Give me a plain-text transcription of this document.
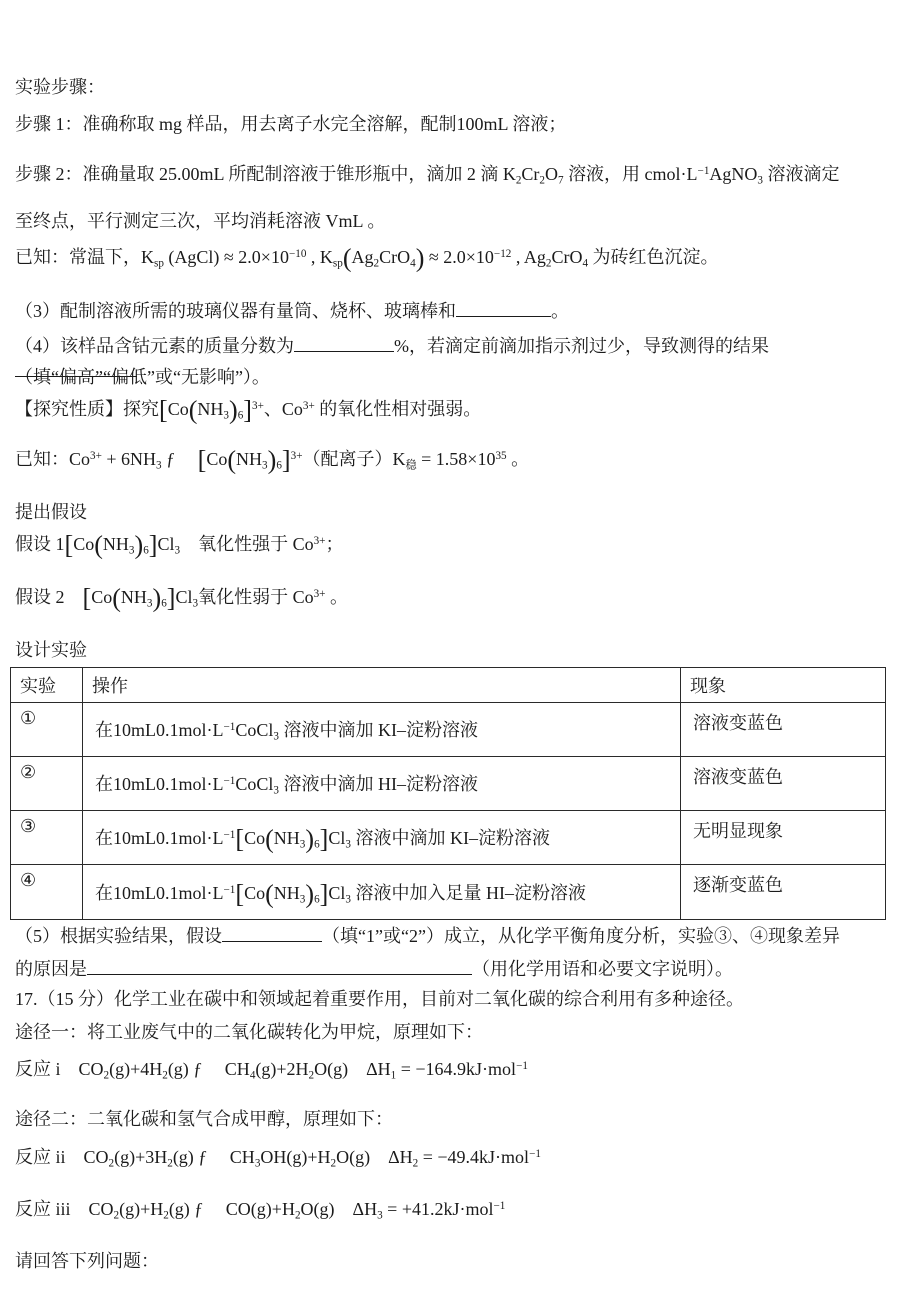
实验步骤：

步骤 1：准确称取 mg 样品，用去离子水完全溶解，配制100mL 溶液；

步骤 2：准确量取 25.00mL 所配制溶液于锥形瓶中，滴加 2 滴 K2Cr2O7 溶液，用 $cmol\cdot L^{-1}AgNO3$ 溶液滴定

至终点，平行测定三次，平均消耗溶液 VmL 。

已知：常温下，Ksp (AgCl) ≈ $2.0\times 10^{-10}$ , $Ksp(Ag2CrO4) \approx 2.0\times 10^{-12}$ , Ag2CrO4 为砖红色沉淀。

（3）配制溶液所需的玻璃仪器有量筒、烧杯、玻璃棒和	。

（4）该样品含钴元素的质量分数为	%，若滴定前滴加指示剂过少，导致测得的结果

（填“偏高”“偏低”或“无影响”）。

【探究性质】探究$[Co(NH3)6]^{3+}$、$Co^{3+}$ 的氧化性相对强弱。

已知：$Co^{3+} + 6NH3$ ƒ 　$[Co(NH3)6]^{3+}$（配离子）K稳 = $1.58\times 10^{35}$ 。

提出假设

假设 1[Co(NH3)6]Cl3　氧化性强于 $Co^{3+}$；

假设 2　[Co(NH3)6]Cl3氧化性弱于 $Co^{3+}$ 。

设计实验

（5）根据实验结果，假设	（填“1”或“2”）成立，从化学平衡角度分析，实验③、④现象差异

的原因是	（用化学用语和必要文字说明）。

17.（15 分）化学工业在碳中和领域起着重要作用，目前对二氧化碳的综合利用有多种途径。

途径一：将工业废气中的二氧化碳转化为甲烷，原理如下：

反应 i　CO2(g)+4H2(g) ƒ 　CH4(g)+2H2O(g)　ΔH1 = −164.9kJ·mol$^{-1}$

途径二：二氧化碳和氢气合成甲醇，原理如下：

反应 ii　CO2(g)+3H2(g) ƒ 　CH3OH(g)+H2O(g)　ΔH2 = −49.4kJ·mol$^{-1}$

反应 iii　CO2(g)+H2(g) ƒ 　CO(g)+H2O(g)　ΔH3 = +41.2kJ·mol$^{-1}$

请回答下列问题：

实验	操作	现象
①	在$10mL0.1mol\cdot L^{-1}CoCl3$ 溶液中滴加 KI–淀粉溶液	溶液变蓝色
②	在$10mL0.1mol\cdot L^{-1}CoCl3$ 溶液中滴加 HI–淀粉溶液	溶液变蓝色
③	在$10mL0.1mol\cdot L^{-1}[Co(NH3)6]Cl3$ 溶液中滴加 KI–淀粉溶液	无明显现象
④	在$10mL0.1mol\cdot L^{-1}[Co(NH3)6]Cl3$ 溶液中加入足量 HI–淀粉溶液	逐渐变蓝色
